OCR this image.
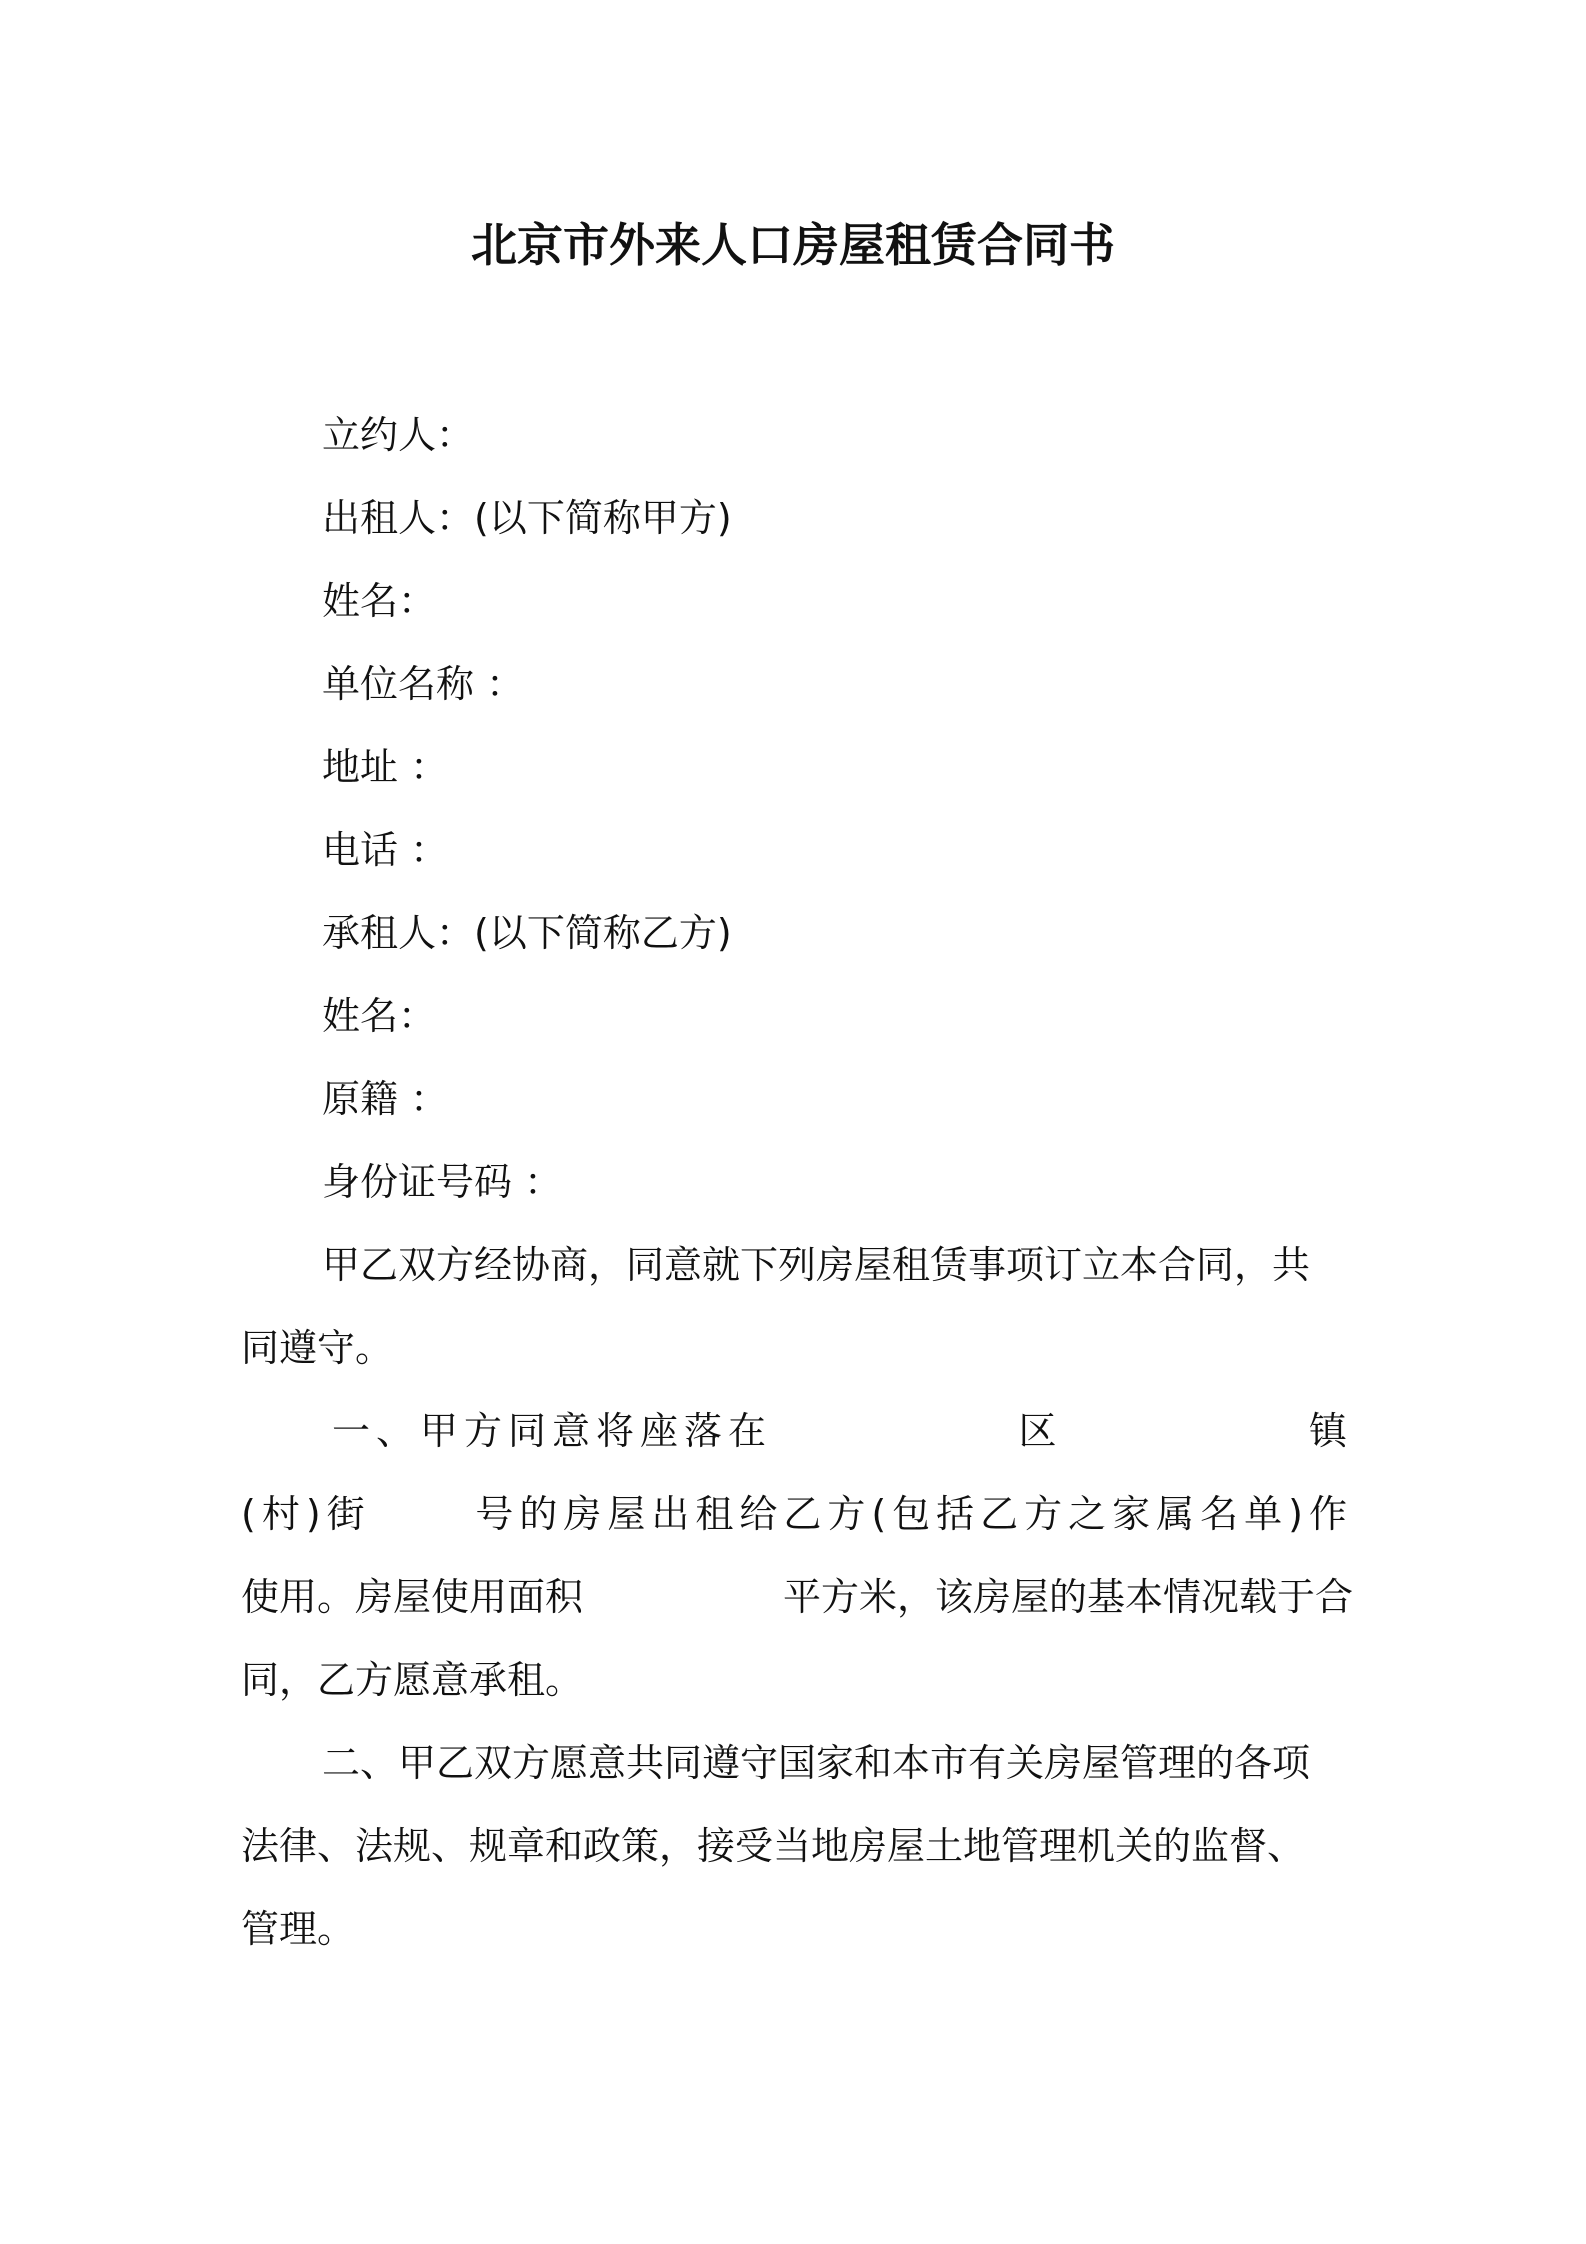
北京市外来人口房屋租赁合同书
立约人：
出租人：(以下简称甲方)
姓名：
单位名称 ：
地址 ：
电话 ：
承租人：(以下简称乙方)
姓名：
原籍 ：
身份证号码 ：
甲乙双方经协商，同意就下列房屋租赁事项订立本合同，共
同遵守。
一、甲方同意将座落在	区	镇
(村)街	号的房屋出租给乙方(包括乙方之家属名单)作
使用。房屋使用面积	平方米，该房屋的基本情况载于合
同，乙方愿意承租。
二、甲乙双方愿意共同遵守国家和本市有关房屋管理的各项
法律、法规、规章和政策，接受当地房屋土地管理机关的监督、
管理。
